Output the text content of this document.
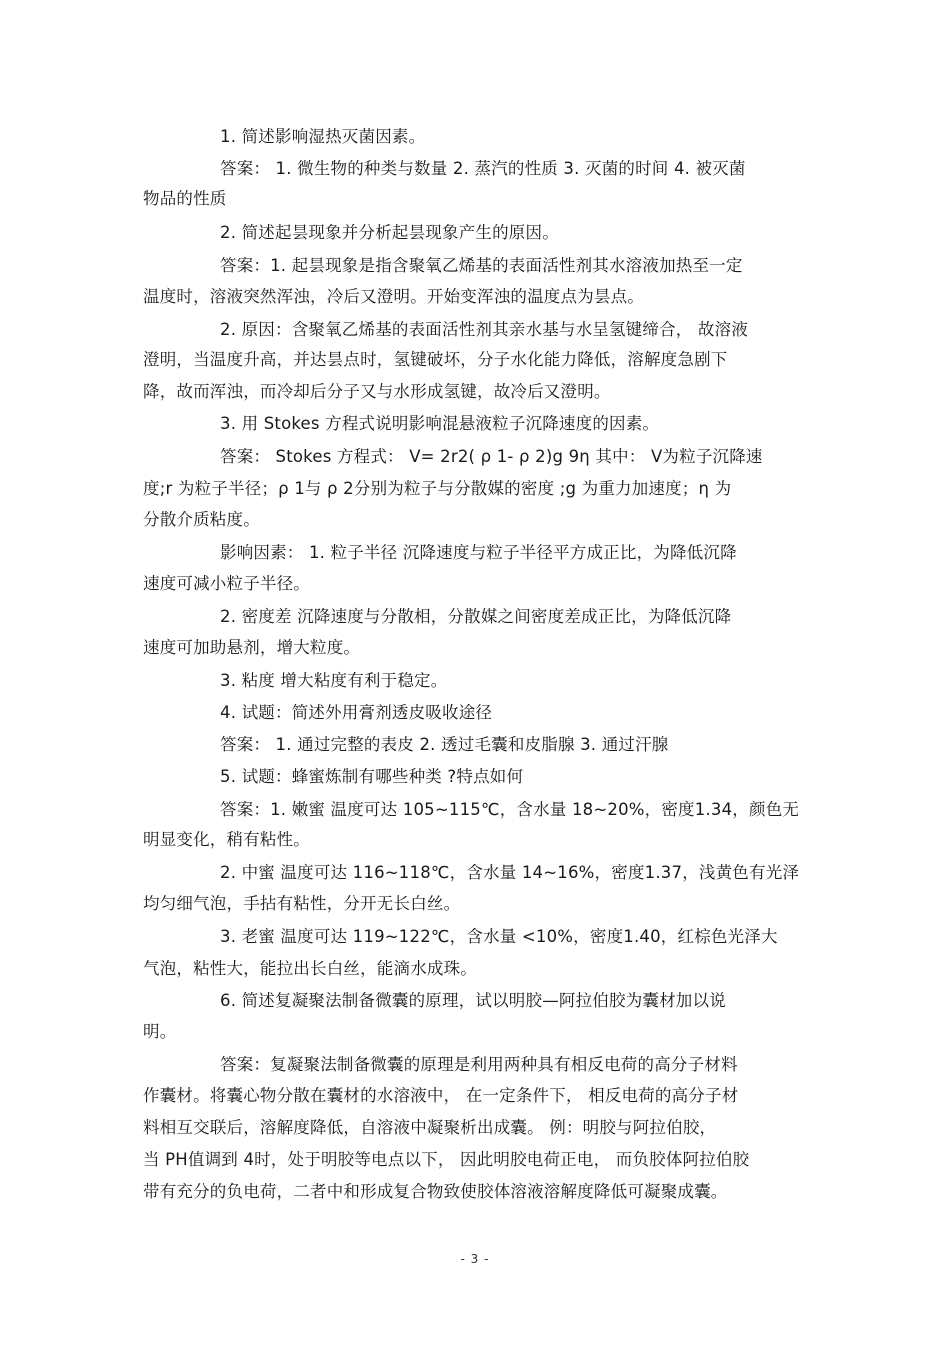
1. 简述影响湿热灭菌因素。
答案： 1. 微生物的种类与数量 2. 蒸汽的性质 3. 灭菌的时间 4. 被灭菌
物品的性质
2. 简述起昙现象并分析起昙现象产生的原因。
答案：1. 起昙现象是指含聚氧乙烯基的表面活性剂其水溶液加热至一定
温度时，溶液突然浑浊，冷后又澄明。开始变浑浊的温度点为昙点。
2. 原因：含聚氧乙烯基的表面活性剂其亲水基与水呈氢键缔合， 故溶液
澄明，当温度升高，并达昙点时，氢键破坏，分子水化能力降低，溶解度急剧下
降，故而浑浊，而冷却后分子又与水形成氢键，故冷后又澄明。
3. 用 Stokes 方程式说明影响混悬液粒子沉降速度的因素。
答案： Stokes 方程式： V= 2r2( ρ 1- ρ 2)g 9η 其中： V为粒子沉降速
度;r 为粒子半径；ρ 1与 ρ 2分别为粒子与分散媒的密度 ;g 为重力加速度；η 为
分散介质粘度。
影响因素： 1. 粒子半径 沉降速度与粒子半径平方成正比，为降低沉降
速度可减小粒子半径。
2. 密度差 沉降速度与分散相，分散媒之间密度差成正比，为降低沉降
速度可加助悬剂，增大粒度。
3. 粘度 增大粘度有利于稳定。
4. 试题：简述外用膏剂透皮吸收途径
答案： 1. 通过完整的表皮 2. 透过毛囊和皮脂腺 3. 通过汗腺
5. 试题：蜂蜜炼制有哪些种类 ?特点如何
答案：1. 嫩蜜 温度可达 105~115℃，含水量 18~20%，密度1.34，颜色无
明显变化，稍有粘性。
2. 中蜜 温度可达 116~118℃，含水量 14~16%，密度1.37，浅黄色有光泽
均匀细气泡，手拈有粘性，分开无长白丝。
3. 老蜜 温度可达 119~122℃，含水量 <10%，密度1.40，红棕色光泽大
气泡，粘性大，能拉出长白丝，能滴水成珠。
6. 简述复凝聚法制备微囊的原理，试以明胶—阿拉伯胶为囊材加以说
明。
答案：复凝聚法制备微囊的原理是利用两种具有相反电荷的高分子材料
作囊材。将囊心物分散在囊材的水溶液中， 在一定条件下， 相反电荷的高分子材
料相互交联后，溶解度降低，自溶液中凝聚析出成囊。 例：明胶与阿拉伯胶，
当 PH值调到 4时，处于明胶等电点以下， 因此明胶电荷正电， 而负胶体阿拉伯胶
带有充分的负电荷，二者中和形成复合物致使胶体溶液溶解度降低可凝聚成囊。
- 3 -
